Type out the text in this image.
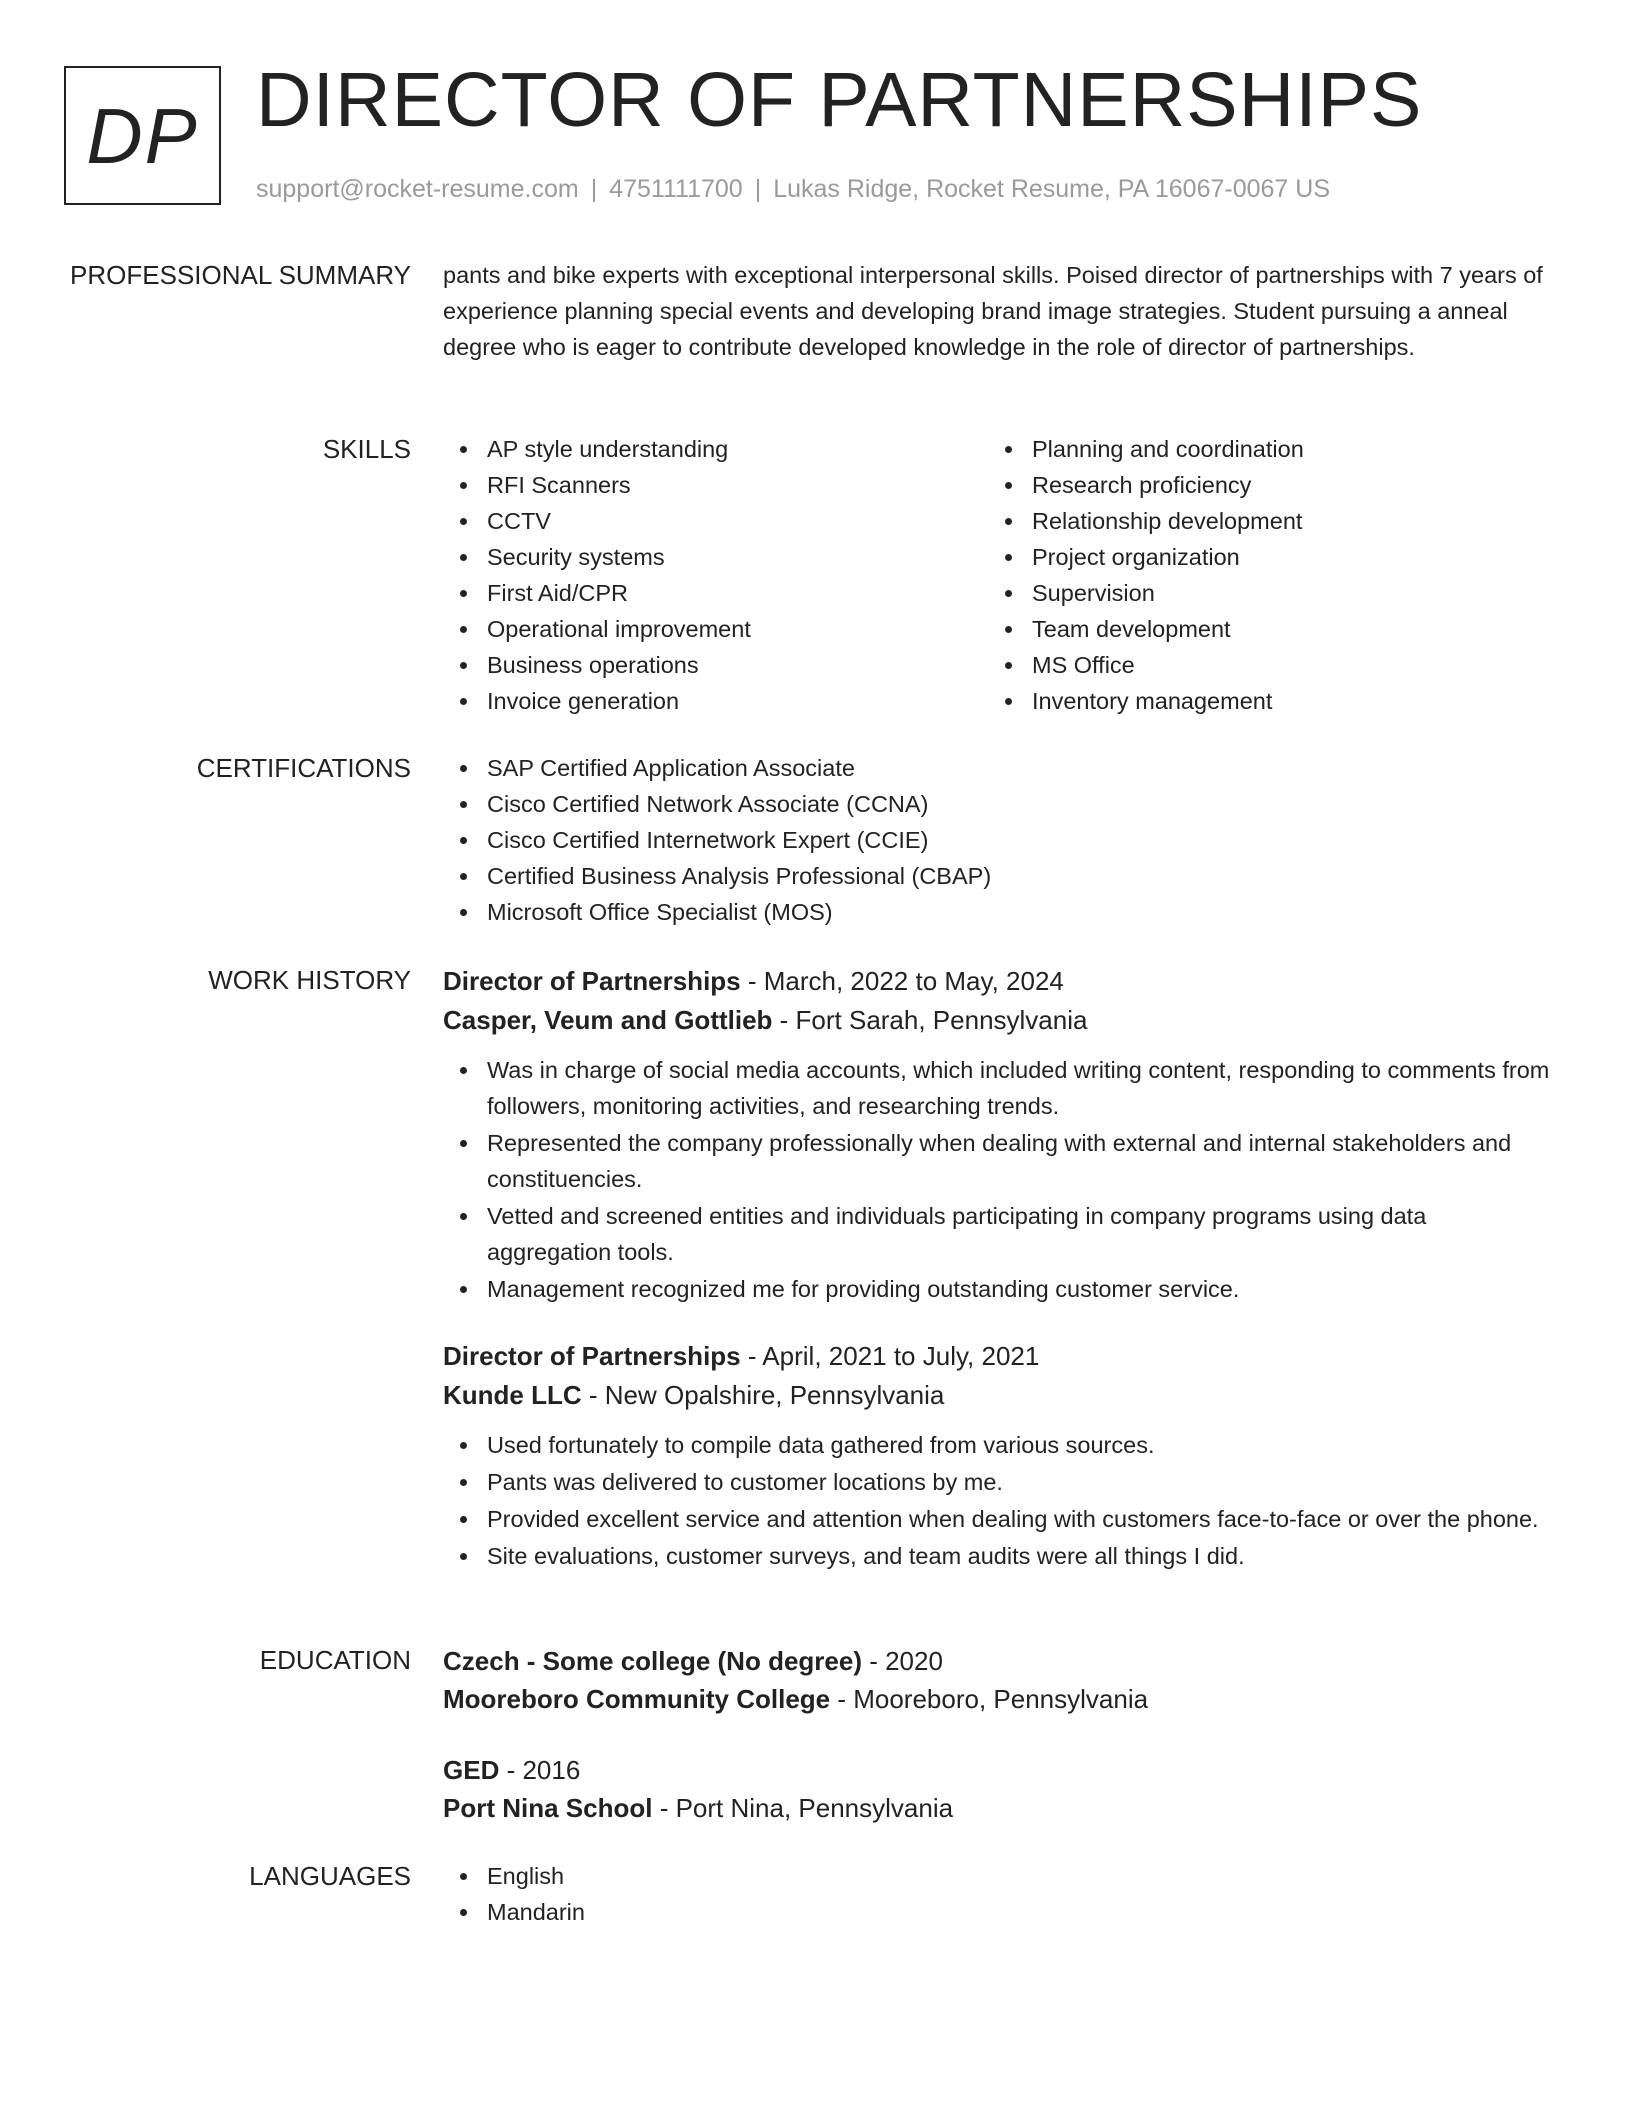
DP DIRECTOR OF PARTNERSHIPS
support@rocket-resume.com | 4751111700 | Lukas Ridge, Rocket Resume, PA 16067-0067 US
PROFESSIONAL SUMMARY pants and bike experts with exceptional interpersonal skills. Poised director of partnerships with 7 years of experience planning special events and developing brand image strategies. Student pursuing a anneal degree who is eager to contribute developed knowledge in the role of director of partnerships.

SKILLS	AP style understanding
RFI Scanners
CCTV
Security systems
First Aid/CPR
Operational improvement
Business operations
Invoice generation
Planning and coordination
Research proficiency
Relationship development
Project organization
Supervision
Team development
MS Office
Inventory management
CERTIFICATIONS	SAP Certified Application Associate
Cisco Certified Network Associate (CCNA)
Cisco Certified Internetwork Expert (CCIE)
Certified Business Analysis Professional (CBAP)
Microsoft Office Specialist (MOS)
WORK HISTORY Director of Partnerships - March, 2022 to May, 2024
Casper, Veum and Gottlieb - Fort Sarah, Pennsylvania
Was in charge of social media accounts, which included writing content, responding to comments from followers, monitoring activities, and researching trends.
Represented the company professionally when dealing with external and internal stakeholders and constituencies.
Vetted and screened entities and individuals participating in company programs using data aggregation tools.
Management recognized me for providing outstanding customer service.
Director of Partnerships - April, 2021 to July, 2021
Kunde LLC - New Opalshire, Pennsylvania
Used fortunately to compile data gathered from various sources.
Pants was delivered to customer locations by me.
Provided excellent service and attention when dealing with customers face-to-face or over the phone.
Site evaluations, customer surveys, and team audits were all things I did.
EDUCATION Czech - Some college (No degree) - 2020
Mooreboro Community College - Mooreboro, Pennsylvania
GED - 2016
Port Nina School - Port Nina, Pennsylvania
LANGUAGES	English
Mandarin
